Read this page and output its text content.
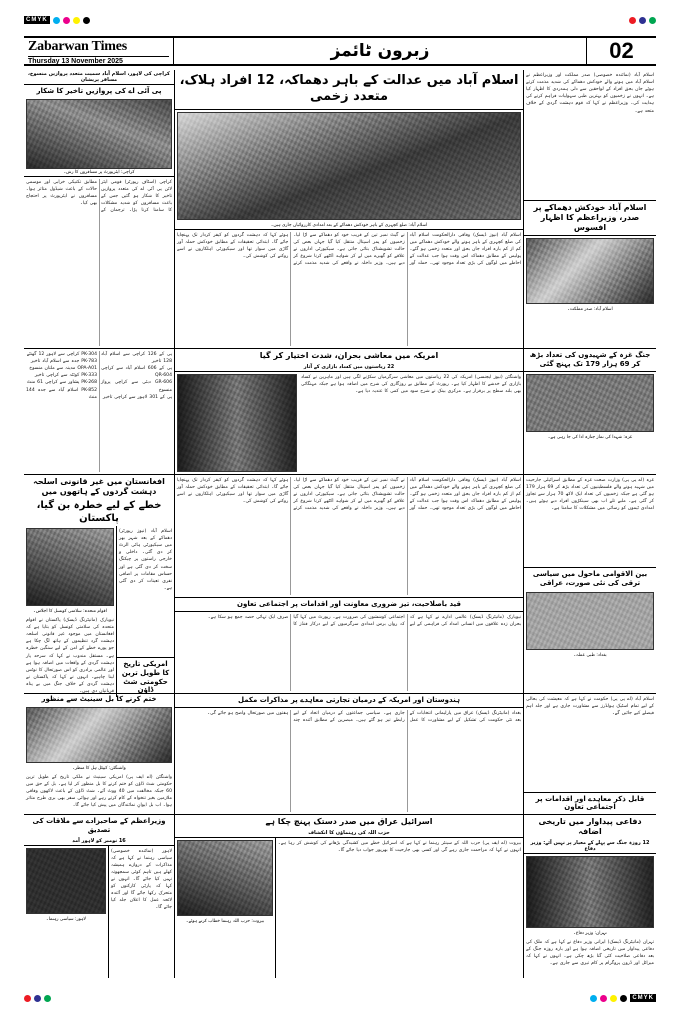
CMYK
Zabarwan Times
Thursday 13 November 2025
زبرون ٹائمز	02
کراچی کی لاہور، اسلام آباد سمیت متعدد پروازیں منسوخ، مسافر پریشان
پی آئی اے کی پروازیں تاخیر کا شکار
کراچی: ایئرپورٹ پر مسافروں کا رش۔
کراچی (اسٹاف رپورٹر) قومی ایئر لائن پی آئی اے کی متعدد پروازیں تاخیر کا شکار ہو گئیں جس کے باعث مسافروں کو شدید مشکلات کا سامنا کرنا پڑا۔ ترجمان کے مطابق تکنیکی خرابی اور موسمی حالات کے باعث شیڈول متاثر ہوا۔ مسافروں نے ایئرپورٹ پر احتجاج بھی کیا۔
اسلام آباد میں عدالت کے باہر دھماکہ، 12 افراد ہلاک، متعدد زخمی
اسلام آباد: ضلع کچہری کے باہر خودکش دھماکے کے بعد امدادی کارروائیاں جاری ہیں۔
اسلام آباد (نیوز ڈیسک) وفاقی دارالحکومت اسلام آباد کی ضلع کچہری کے باہر ہونے والے خودکش دھماکے میں کم از کم بارہ افراد جاں بحق اور متعدد زخمی ہو گئے۔ پولیس کے مطابق دھماکہ اس وقت ہوا جب عدالت کے احاطے میں لوگوں کی بڑی تعداد موجود تھی۔ حملہ آور نے گیٹ نمبر تین کے قریب خود کو دھماکے سے اڑا لیا۔ زخمیوں کو پمز اسپتال منتقل کیا گیا جہاں بعض کی حالت تشویشناک بتائی جاتی ہے۔ سیکیورٹی اداروں نے علاقے کو گھیرے میں لے کر شواہد اکٹھے کرنا شروع کر دیے ہیں۔ وزیر داخلہ نے واقعے کی شدید مذمت کرتے ہوئے کہا کہ دہشت گردوں کو کیفر کردار تک پہنچایا جائے گا۔ ابتدائی تحقیقات کے مطابق خودکش حملہ آور گاڑی میں سوار تھا اور سیکیورٹی اہلکاروں نے اسے روکنے کی کوشش کی۔
اسلام آباد (نمائندہ خصوصی) صدر مملکت اور وزیراعظم نے اسلام آباد میں ہونے والے خودکش دھماکے کی شدید مذمت کرتے ہوئے جاں بحق افراد کے لواحقین سے دلی ہمدردی کا اظہار کیا ہے۔ انہوں نے زخمیوں کو بہترین طبی سہولیات فراہم کرنے کی ہدایت کی۔ وزیراعظم نے کہا کہ قوم دہشت گردی کے خلاف متحد ہے۔
اسلام آباد خودکش دھماکے پر صدر، وزیراعظم کا اظہار افسوس
اسلام آباد: صدر مملکت۔
پی کے 126 کراچی سے اسلام آباد 128 تاخیر
پی کے 606 اسلام آباد سے کراچی QR-604
GR-606 دبئی سے کراچی پرواز منسوخ
پی کے 301 لاہور سے کراچی تاخیر
PK-304 کراچی سے لاہور 12 گھنٹے
PK-783 جدہ سے اسلام آباد تاخیر
OPA-A01 مدینہ سے ملتان منسوخ
PK-333 کوئٹہ سے کراچی تاخیر
PK-268 پشاور سے کراچی 61 منٹ
PK-852 اسلام آباد سے جدہ 144 منٹ
امریکہ میں معاشی بحران، شدت اختیار کر گیا
22 ریاستوں میں کساد بازاری کے آثار
واشنگٹن (نیوز ایجنسی) امریکہ کی 22 ریاستوں میں معاشی سرگرمیاں سکڑنے لگی ہیں اور ماہرین نے کساد بازاری کے خدشے کا اظہار کیا ہے۔ رپورٹ کے مطابق بے روزگاری کی شرح میں اضافہ ہوا ہے جبکہ مہنگائی بھی بلند سطح پر برقرار ہے۔ مرکزی بینک نے شرح سود میں کمی کا عندیہ دیا ہے۔
جنگ غزہ کے شہیدوں کی تعداد بڑھ کر 69 ہزار 179 تک پہنچ گئی
غزہ: شہدا کی نماز جنازہ ادا کی جا رہی ہے۔
افغانستان میں غیر قانونی اسلحہ دہشت گردوں کے ہاتھوں میں
خطے کے لیے خطرہ بن گیا، پاکستان
اقوام متحدہ: سلامتی کونسل کا اجلاس۔
نیویارک (مانیٹرنگ ڈیسک) پاکستان نے اقوام متحدہ کی سلامتی کونسل کو بتایا ہے کہ افغانستان میں موجود غیر قانونی اسلحہ دہشت گرد تنظیموں کے ہاتھ لگ چکا ہے جو پورے خطے کے امن کے لیے سنگین خطرہ ہے۔ مستقل مندوب نے کہا کہ سرحد پار دہشت گردی کے واقعات میں اضافہ ہوا ہے اور عالمی برادری کو اس صورتحال کا نوٹس لینا چاہیے۔ انہوں نے کہا کہ پاکستان نے دہشت گردی کے خلاف جنگ میں بے پناہ قربانیاں دی ہیں۔
اسلام آباد (نیوز رپورٹر) دھماکے کے بعد شہر بھر میں سیکیورٹی ہائی الرٹ کر دی گئی۔ داخلی و خارجی راستوں پر چیکنگ سخت کر دی گئی ہے اور حساس مقامات پر اضافی نفری تعینات کر دی گئی ہے۔
امریکی تاریخ کا طویل ترین حکومتی شٹ ڈاؤن
اسلام آباد (نیوز ڈیسک) وفاقی دارالحکومت اسلام آباد کی ضلع کچہری کے باہر ہونے والے خودکش دھماکے میں کم از کم بارہ افراد جاں بحق اور متعدد زخمی ہو گئے۔ پولیس کے مطابق دھماکہ اس وقت ہوا جب عدالت کے احاطے میں لوگوں کی بڑی تعداد موجود تھی۔ حملہ آور نے گیٹ نمبر تین کے قریب خود کو دھماکے سے اڑا لیا۔ زخمیوں کو پمز اسپتال منتقل کیا گیا جہاں بعض کی حالت تشویشناک بتائی جاتی ہے۔ سیکیورٹی اداروں نے علاقے کو گھیرے میں لے کر شواہد اکٹھے کرنا شروع کر دیے ہیں۔ وزیر داخلہ نے واقعے کی شدید مذمت کرتے ہوئے کہا کہ دہشت گردوں کو کیفر کردار تک پہنچایا جائے گا۔ ابتدائی تحقیقات کے مطابق خودکش حملہ آور گاڑی میں سوار تھا اور سیکیورٹی اہلکاروں نے اسے روکنے کی کوشش کی۔
قید باصلاحیت، تیز ضروری معاونت اور اقدامات پر اجتماعی تعاون
نیویارک (مانیٹرنگ ڈیسک) عالمی ادارے نے کہا ہے کہ بحران زدہ علاقوں میں انسانی امداد کی فراہمی کے لیے اجتماعی کوششوں کی ضرورت ہے۔ رپورٹ میں کہا گیا کہ رواں برس امدادی سرگرمیوں کے لیے درکار فنڈز کا صرف ایک تہائی حصہ جمع ہو سکا ہے۔
غزہ (اے پی پی) وزارت صحت غزہ کے مطابق اسرائیلی جارحیت میں شہید ہونے والے فلسطینیوں کی تعداد بڑھ کر 69 ہزار 179 ہو گئی ہے جبکہ زخمیوں کی تعداد ایک لاکھ 70 ہزار سے تجاوز کر گئی ہے۔ ملبے تلے اب بھی سینکڑوں افراد دبے ہوئے ہیں۔ امدادی ٹیموں کو رسائی میں مشکلات کا سامنا ہے۔
بین الاقوامی ماحول میں سیاسی ترقی کی نئی صورت، عراقی
بغداد: طبی عملہ۔
ختم کرنے کا بل سینیٹ سے منظور
واشنگٹن: کیپٹل ہل کا منظر۔
واشنگٹن (اے ایف پی) امریکی سینیٹ نے ملکی تاریخ کے طویل ترین حکومتی شٹ ڈاؤن کو ختم کرنے کا بل منظور کر لیا ہے۔ بل کے حق میں 60 جبکہ مخالفت میں 40 ووٹ آئے۔ شٹ ڈاؤن کے باعث لاکھوں وفاقی ملازمین بغیر تنخواہ کے کام کرتے رہے اور ہوائی سفر بھی بری طرح متاثر ہوا۔ اب بل ایوانِ نمائندگان میں پیش کیا جائے گا۔
ہندوستان اور امریکہ کے درمیان تجارتی معاہدے پر مذاکرات مکمل
بغداد (مانیٹرنگ ڈیسک) عراق میں پارلیمانی انتخابات کے بعد نئی حکومت کی تشکیل کے لیے مشاورت کا عمل جاری ہے۔ سیاسی جماعتوں کے درمیان اتحاد کے لیے رابطے تیز ہو گئے ہیں۔ مبصرین کے مطابق آئندہ چند ہفتوں میں صورتحال واضح ہو جائے گی۔
اسلام آباد (اے پی پی) حکومت نے کہا ہے کہ معیشت کی بحالی کے لیے تمام اسٹیک ہولڈرز سے مشاورت جاری ہے اور جلد اہم فیصلے کیے جائیں گے۔
قابل ذکر معاہدے اور اقدامات پر اجتماعی تعاون
وزیراعظم کے صاحبزادے سے ملاقات کی تصدیق
16 نومبر کو لاہور آمد
لاہور: سیاسی رہنما۔
لاہور (نمائندہ خصوصی) سیاسی رہنما نے کہا ہے کہ مذاکرات کے دروازے ہمیشہ کھلے ہیں تاہم کوئی سمجھوتہ نہیں کیا جائے گا۔ انہوں نے کہا کہ پارٹی کارکنوں کو متحرک رکھا جائے گا اور آئندہ لائحہ عمل کا اعلان جلد کیا جائے گا۔
اسرائیل عراق میں صدر دستک پہنچ چکا ہے
حزب اللہ کی رہنماؤں کا انکشاف
بیروت: حزب اللہ رہنما خطاب کرتے ہوئے۔
بیروت (اے ایف پی) حزب اللہ کے سینئر رہنما نے کہا ہے کہ اسرائیل خطے میں کشیدگی بڑھانے کی کوشش کر رہا ہے۔ انہوں نے کہا کہ مزاحمت جاری رہے گی اور کسی بھی جارحیت کا بھرپور جواب دیا جائے گا۔
دفاعی پیداوار میں تاریخی اضافہ
12 روزہ جنگ سے پہلے کے معیار پر نہیں آئے: وزیر دفاع
تہران: وزیر دفاع۔
تہران (مانیٹرنگ ڈیسک) ایرانی وزیر دفاع نے کہا ہے کہ ملک کی دفاعی پیداوار میں تاریخی اضافہ ہوا ہے اور بارہ روزہ جنگ کے بعد دفاعی صلاحیت کئی گنا بڑھ چکی ہے۔ انہوں نے کہا کہ میزائل اور ڈرون پروگرام پر کام تیزی سے جاری ہے۔
CMYK
